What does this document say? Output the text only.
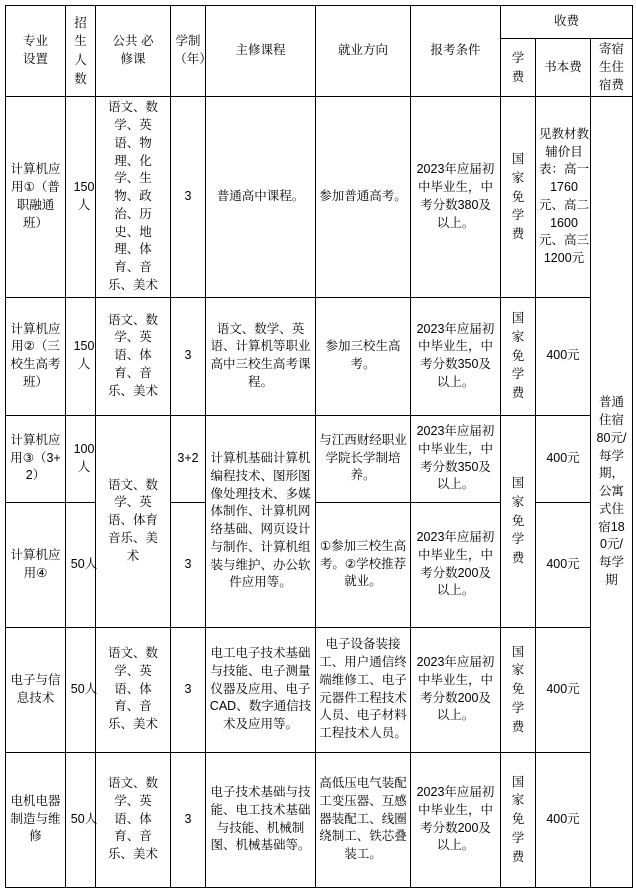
专业 设置	招生人数	公共 必修课	学制 （年）	主修课程	就业方向	报考条件	收费		
							学费	书本费	寄宿生住宿费

计算机应用①（普职融通班）	150人	语文、数学、英语、物理、化学、生物、政治、历史、地理、体育、音乐、美术	3	普通高中课程。	参加普通高考。	2023年应届初中毕业生，中考分数380及以上。	国家免学费	见教材教辅价目表：高一1760元、高二1600元、高三1200元	普通住宿80元/每学期，公寓式住宿180元/每学期

计算机应用②（三校生高考班）	150人	语文、数学、英语、体育、音乐、美术	3	语文、数学、英语、计算机等职业高中三校生高考课程。	参加三校生高考。	2023年应届初中毕业生，中考分数350及以上。	国家免学费	400元	

计算机应用③（3+2）	100人	语文、数学、英语、体育音乐、美术	3+2	计算机基础计算机编程技术、图形图像处理技术、多媒体制作、计算机网络基础、网页设计与制作、计算机组装与维护、办公软件应用等。	与江西财经职业学院长学制培养。	2023年应届初中毕业生，中考分数350及以上。	国家免学费	400元	

计算机应用④	50人		3		①参加三校生高考。②学校推荐就业。	2023年应届初中毕业生，中考分数200及以上。		400元	

电子与信息技术	50人	语文、数学、英语、体育、音乐、美术	3	电工电子技术基础与技能、电子测量仪器及应用、电子CAD、数字通信技术及应用等。	电子设备装接工、用户通信终端维修工、电子元器件工程技术人员、电子材料工程技术人员。	2023年应届初中毕业生，中考分数200及以上。	国家免学费	400元	

电机电器制造与维修	50人	语文、数学、英语、体育、音乐、美术	3	电子技术基础与技能、电工技术基础与技能、机械制图、机械基础等。	高低压电气装配工变压器、互感器装配工、线圈绕制工、铁芯叠装工。	2023年应届初中毕业生，中考分数200及以上。	国家免学费	400元	
